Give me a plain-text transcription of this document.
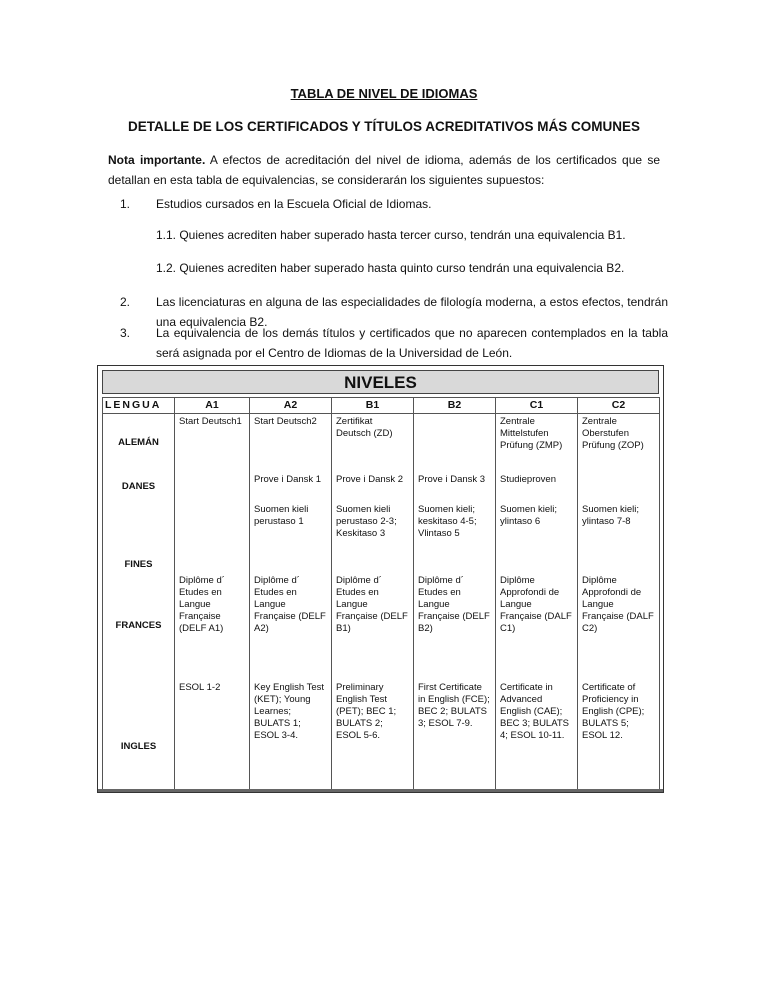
TABLA DE NIVEL DE IDIOMAS
DETALLE DE LOS CERTIFICADOS Y TÍTULOS ACREDITATIVOS MÁS COMUNES
Nota importante. A efectos de acreditación del nivel de idioma, además de los certificados que se detallan en esta tabla de equivalencias, se considerarán los siguientes supuestos:
1. Estudios cursados en la Escuela Oficial de Idiomas.
1.1. Quienes acrediten haber superado hasta tercer curso, tendrán una equivalencia B1.
1.2. Quienes acrediten haber superado hasta quinto curso tendrán una equivalencia B2.
2. Las licenciaturas en alguna de las especialidades de filología moderna, a estos efectos, tendrán una equivalencia B2.
3. La equivalencia de los demás títulos y certificados que no aparecen contemplados en la tabla será asignada por el Centro de Idiomas de la Universidad de León.
NIVELES
LENGUA	A1	A2	B1	B2	C1	C2
ALEMÁN	Start Deutsch1	Start Deutsch2	Zertifikat Deutsch (ZD)		Zentrale Mittelstufen Prüfung (ZMP)	Zentrale Oberstufen Prüfung (ZOP)
DANES		Prove i Dansk 1	Prove i Dansk 2	Prove i Dansk 3	Studieproven	
FINES		Suomen kieli perustaso 1	Suomen kieli perustaso 2-3; Keskitaso 3	Suomen kieli; keskitaso 4-5; Vlintaso 5	Suomen kieli; ylintaso 6	Suomen kieli; ylintaso 7-8
FRANCES	Diplôme d´ Etudes en Langue Française (DELF A1)	Diplôme d´ Etudes en Langue Française (DELF A2)	Diplôme d´ Etudes en Langue Française (DELF B1)	Diplôme d´ Etudes en Langue Française (DELF B2)	Diplôme Approfondi de Langue Française (DALF C1)	Diplôme Approfondi de Langue Française (DALF C2)
INGLES	ESOL 1-2	Key English Test (KET); Young Learnes; BULATS 1; ESOL 3-4.	Preliminary English Test (PET); BEC 1; BULATS 2; ESOL 5-6.	First Certificate in English (FCE); BEC 2; BULATS 3; ESOL 7-9.	Certificate in Advanced English (CAE); BEC 3; BULATS 4; ESOL 10-11.	Certificate of Proficiency in English (CPE); BULATS 5; ESOL 12.
